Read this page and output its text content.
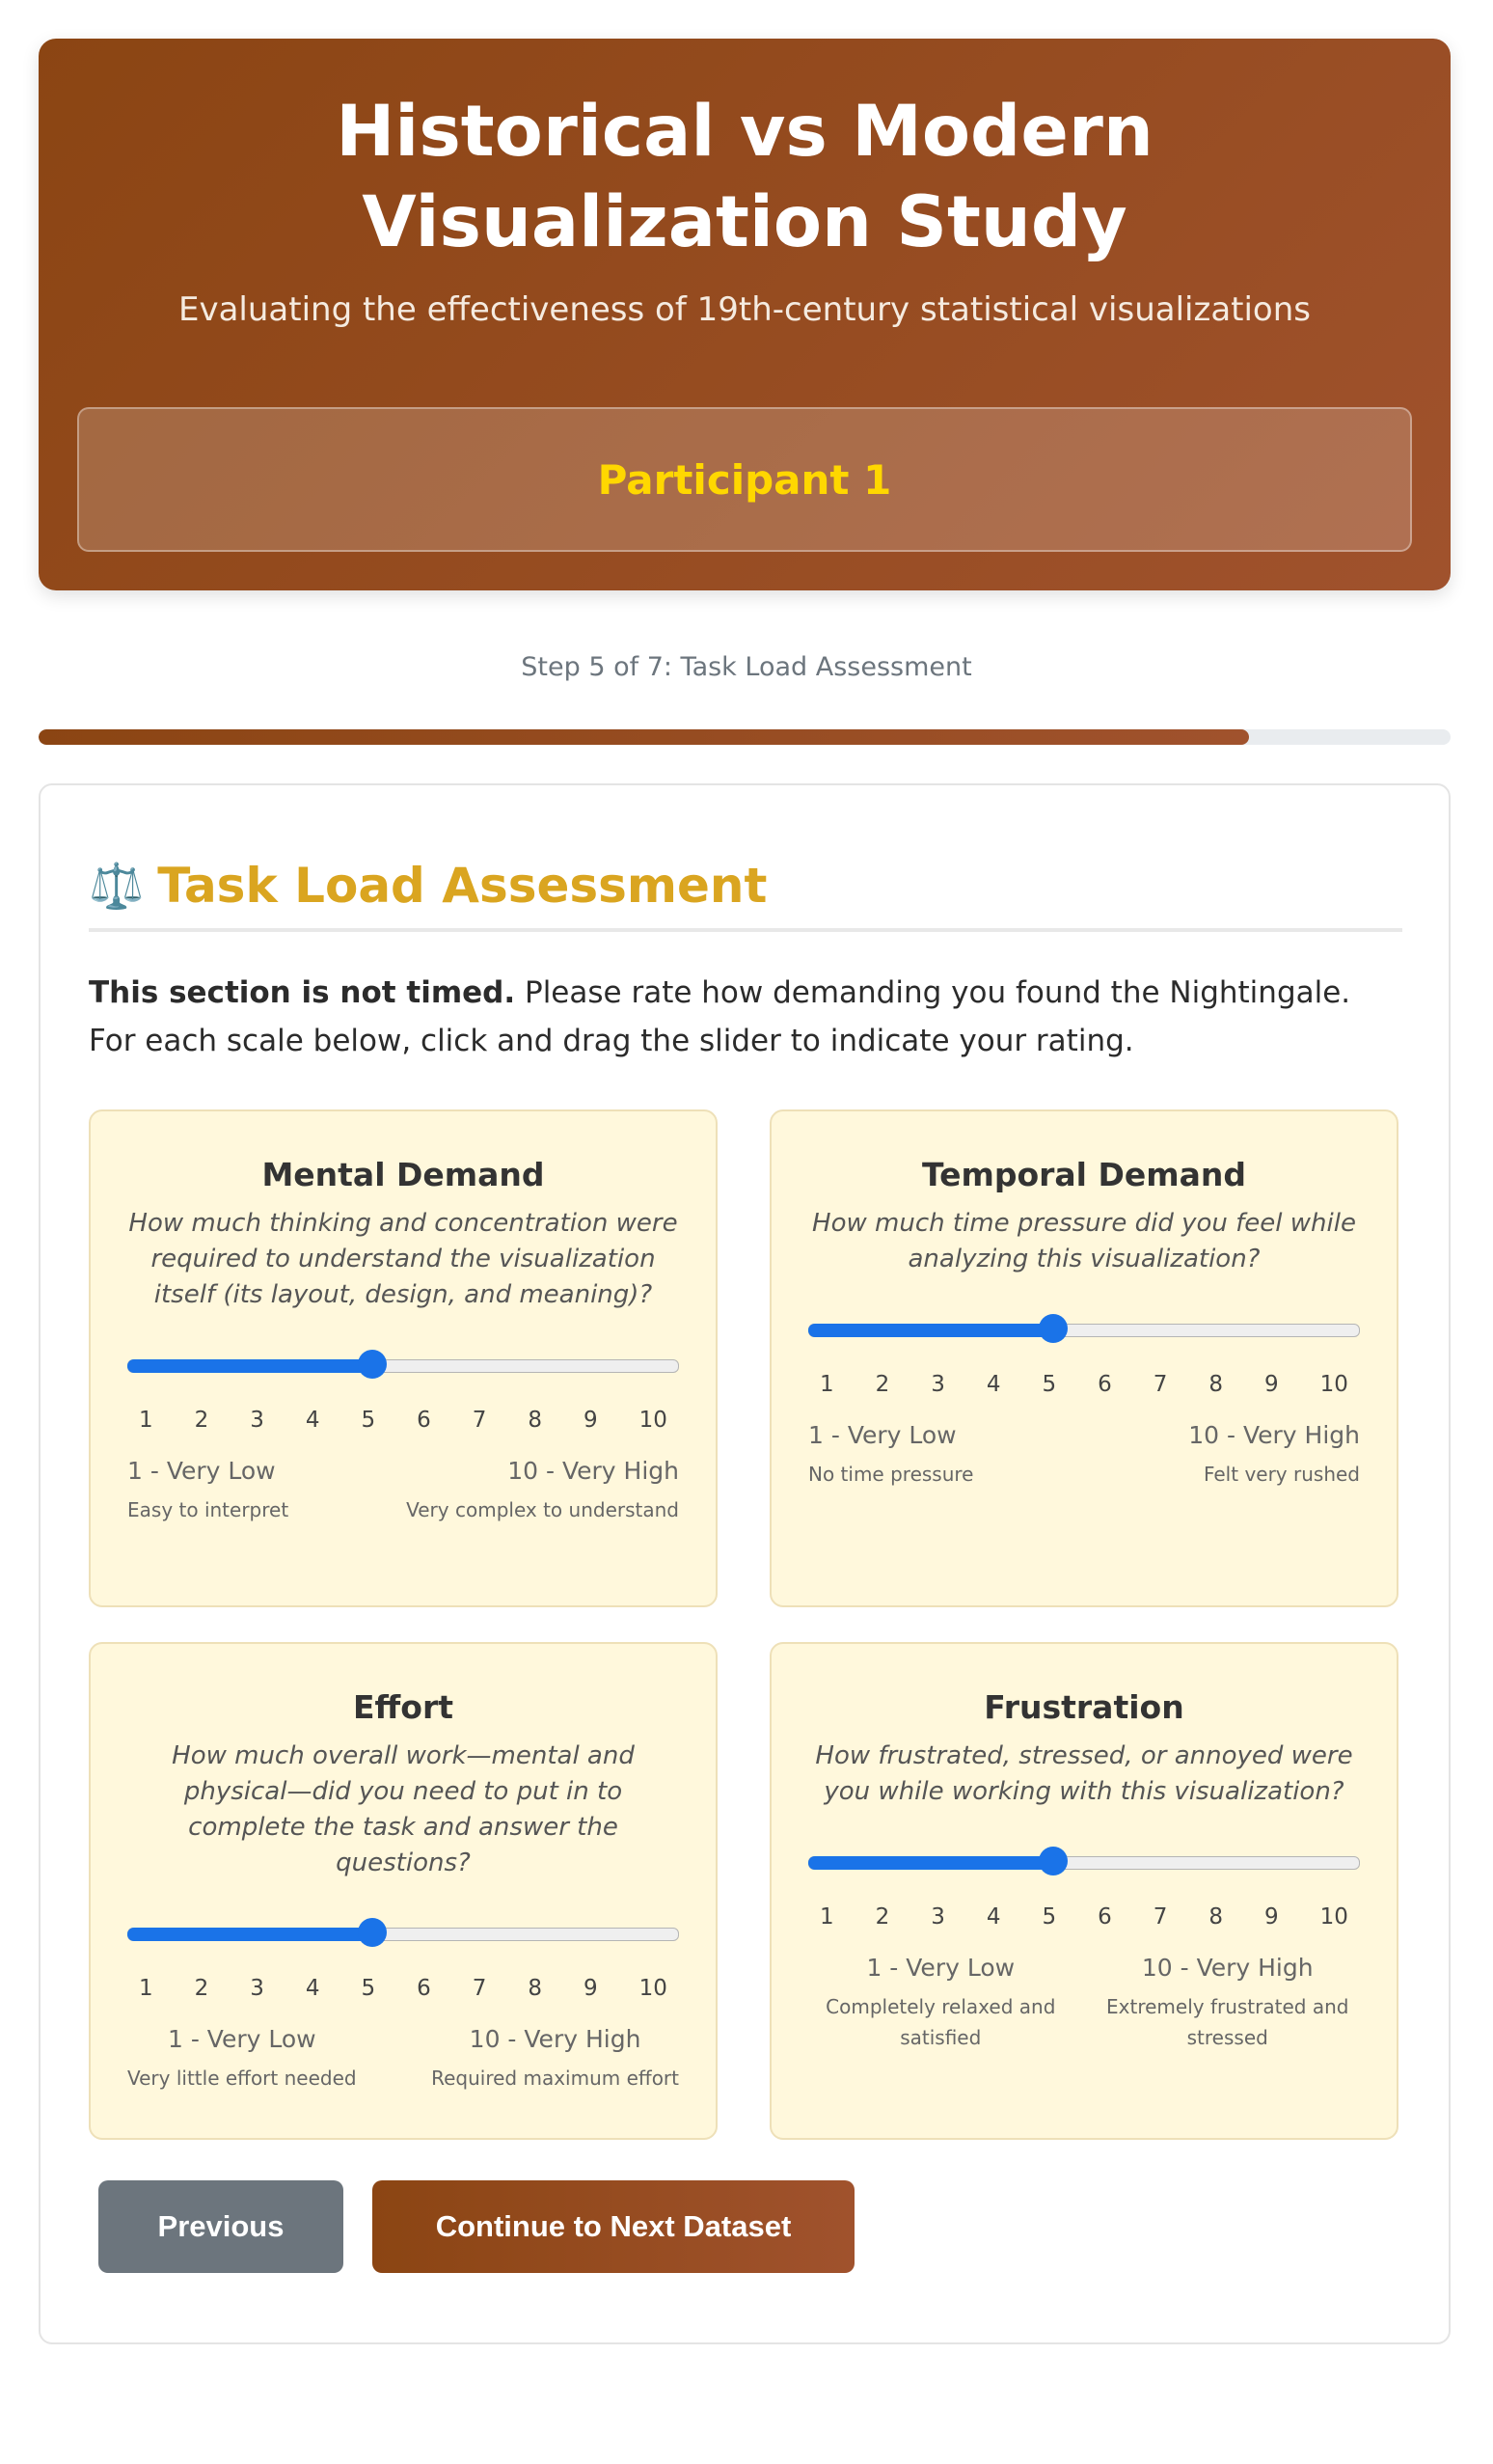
Historical vs Modern Visualization Study
Evaluating the effectiveness of 19th-century statistical visualizations
Participant 1
Step 5 of 7: Task Load Assessment
⚖️ Task Load Assessment
This section is not timed. Please rate how demanding you found the Nightingale. For each scale below, click and drag the slider to indicate your rating.
Mental Demand
How much thinking and concentration were required to understand the visualization itself (its layout, design, and meaning)?
1 2 3 4 5 6 7 8 9 10
1 - Very Low
Easy to interpret
10 - Very High
Very complex to understand
Temporal Demand
How much time pressure did you feel while analyzing this visualization?
1 2 3 4 5 6 7 8 9 10
1 - Very Low
No time pressure
10 - Very High
Felt very rushed
Effort
How much overall work—mental and physical—did you need to put in to complete the task and answer the questions?
1 2 3 4 5 6 7 8 9 10
1 - Very Low
Very little effort needed
10 - Very High
Required maximum effort
Frustration
How frustrated, stressed, or annoyed were you while working with this visualization?
1 2 3 4 5 6 7 8 9 10
1 - Very Low
Completely relaxed and satisfied
10 - Very High
Extremely frustrated and stressed
Previous	Continue to Next Dataset
